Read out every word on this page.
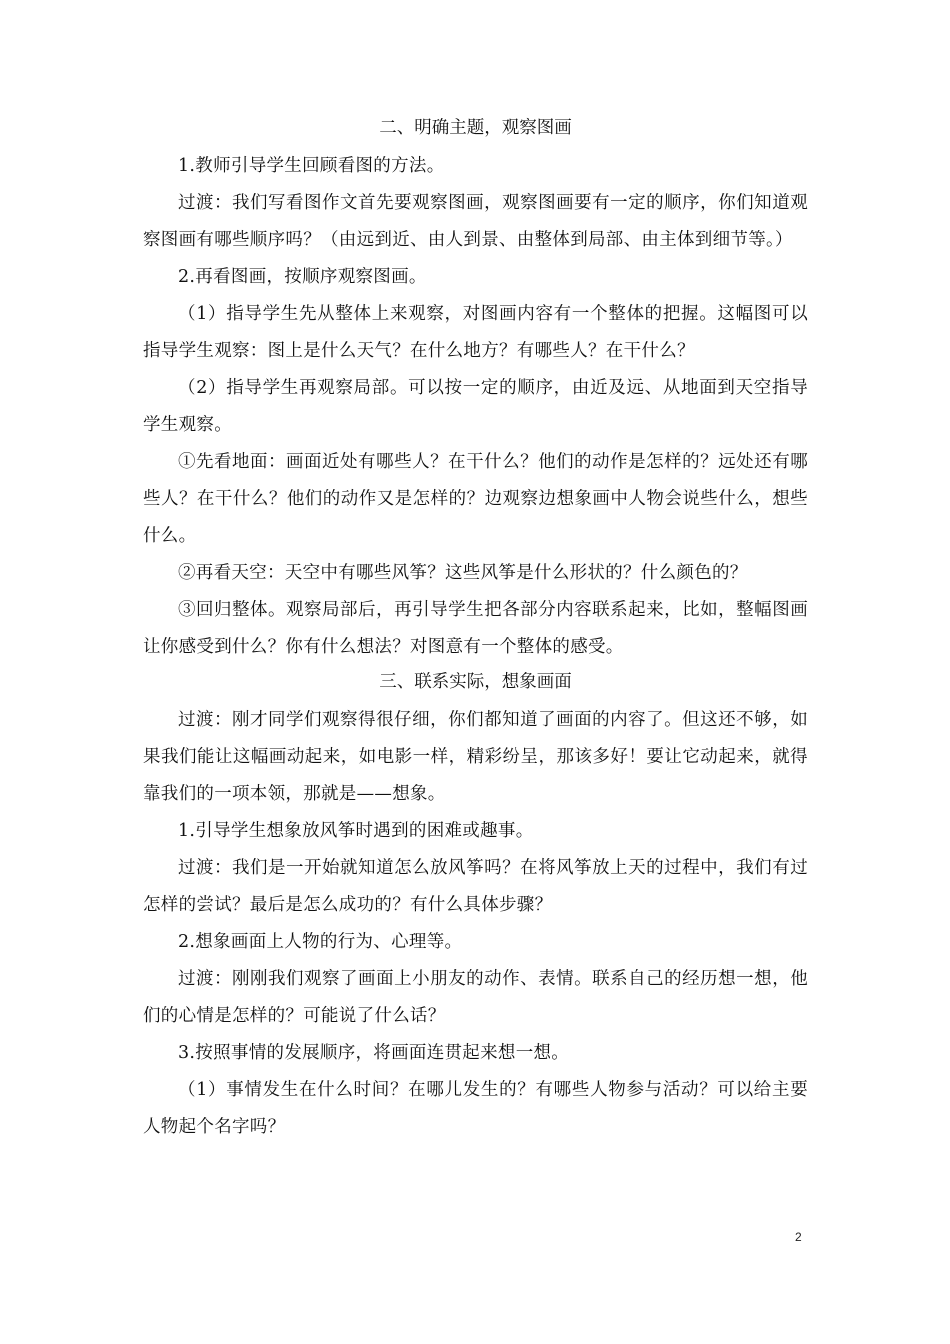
二、明确主题，观察图画

1.教师引导学生回顾看图的方法。

过渡：我们写看图作文首先要观察图画，观察图画要有一定的顺序，你们知道观察图画有哪些顺序吗？（由远到近、由人到景、由整体到局部、由主体到细节等。）

2.再看图画，按顺序观察图画。

（1）指导学生先从整体上来观察，对图画内容有一个整体的把握。这幅图可以指导学生观察：图上是什么天气？在什么地方？有哪些人？在干什么？

（2）指导学生再观察局部。可以按一定的顺序，由近及远、从地面到天空指导学生观察。

①先看地面：画面近处有哪些人？在干什么？他们的动作是怎样的？远处还有哪些人？在干什么？他们的动作又是怎样的？边观察边想象画中人物会说些什么，想些什么。

②再看天空：天空中有哪些风筝？这些风筝是什么形状的？什么颜色的？

③回归整体。观察局部后，再引导学生把各部分内容联系起来，比如，整幅图画让你感受到什么？你有什么想法？对图意有一个整体的感受。

三、联系实际，想象画面

过渡：刚才同学们观察得很仔细，你们都知道了画面的内容了。但这还不够，如果我们能让这幅画动起来，如电影一样，精彩纷呈，那该多好！要让它动起来，就得靠我们的一项本领，那就是——想象。

1.引导学生想象放风筝时遇到的困难或趣事。

过渡：我们是一开始就知道怎么放风筝吗？在将风筝放上天的过程中，我们有过怎样的尝试？最后是怎么成功的？有什么具体步骤？

2.想象画面上人物的行为、心理等。

过渡：刚刚我们观察了画面上小朋友的动作、表情。联系自己的经历想一想，他们的心情是怎样的？可能说了什么话？

3.按照事情的发展顺序，将画面连贯起来想一想。

（1）事情发生在什么时间？在哪儿发生的？有哪些人物参与活动？可以给主要人物起个名字吗？

2
